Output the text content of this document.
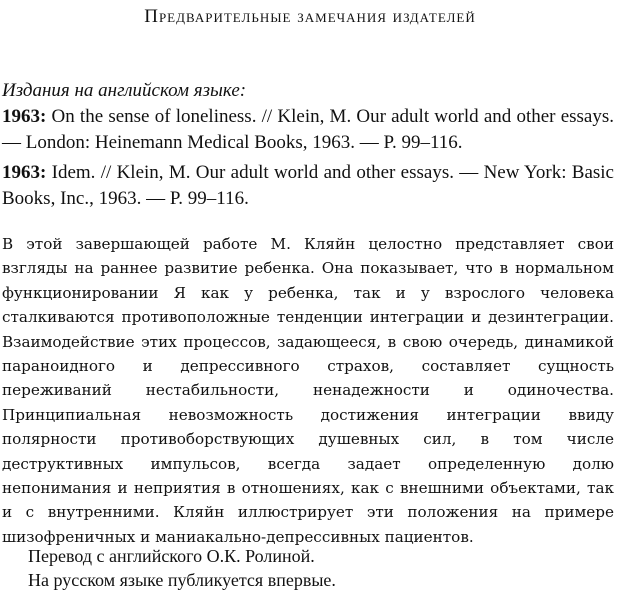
Предварительные замечания издателей
Издания на английском языке:
1963: On the sense of loneliness. // Klein, M. Our adult world and other essays. — London: Heinemann Medical Books, 1963. — P. 99–116.
1963: Idem. // Klein, M. Our adult world and other essays. — New York: Basic Books, Inc., 1963. — P. 99–116.
В этой завершающей работе М. Кляйн целостно представляет свои взгляды на раннее развитие ребенка. Она показывает, что в нормальном функционировании Я как у ребенка, так и у взрослого человека сталкиваются противоположные тенденции интеграции и дезинтеграции. Взаимодействие этих процессов, задающееся, в свою очередь, динамикой параноидного и депрессивного страхов, составляет сущность переживаний нестабильности, ненадежности и одиночества. Принципиальная невозможность достижения интеграции ввиду полярности противоборствующих душевных сил, в том числе деструктивных импульсов, всегда задает определенную долю непонимания и неприятия в отношениях, как с внешними объектами, так и с внутренними. Кляйн иллюстрирует эти положения на примере шизофреничных и маниакально-депрессивных пациентов.
Перевод с английского О.К. Ролиной.
На русском языке публикуется впервые.
